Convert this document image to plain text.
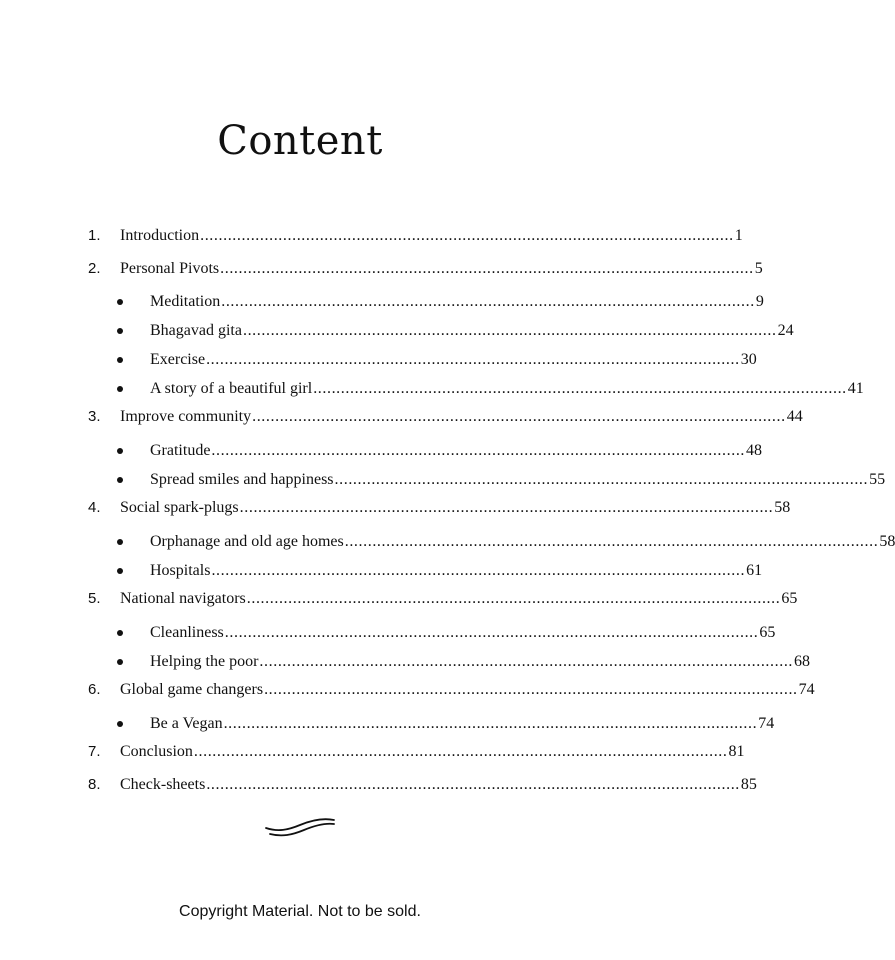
Content
1. Introduction .................................................................................................................... 1
2. Personal Pivots .................................................................................................................... 5
Meditation .................................................................................................................... 9
Bhagavad gita .................................................................................................................... 24
Exercise .................................................................................................................... 30
A story of a beautiful girl .................................................................................................................... 41
3. Improve community .................................................................................................................... 44
Gratitude .................................................................................................................... 48
Spread smiles and happiness .................................................................................................................... 55
4. Social spark-plugs .................................................................................................................... 58
Orphanage and old age homes .................................................................................................................... 58
Hospitals .................................................................................................................... 61
5. National navigators .................................................................................................................... 65
Cleanliness .................................................................................................................... 65
Helping the poor .................................................................................................................... 68
6. Global game changers .................................................................................................................... 74
Be a Vegan .................................................................................................................... 74
7. Conclusion .................................................................................................................... 81
8. Check-sheets .................................................................................................................... 85
Copyright Material. Not to be sold.
